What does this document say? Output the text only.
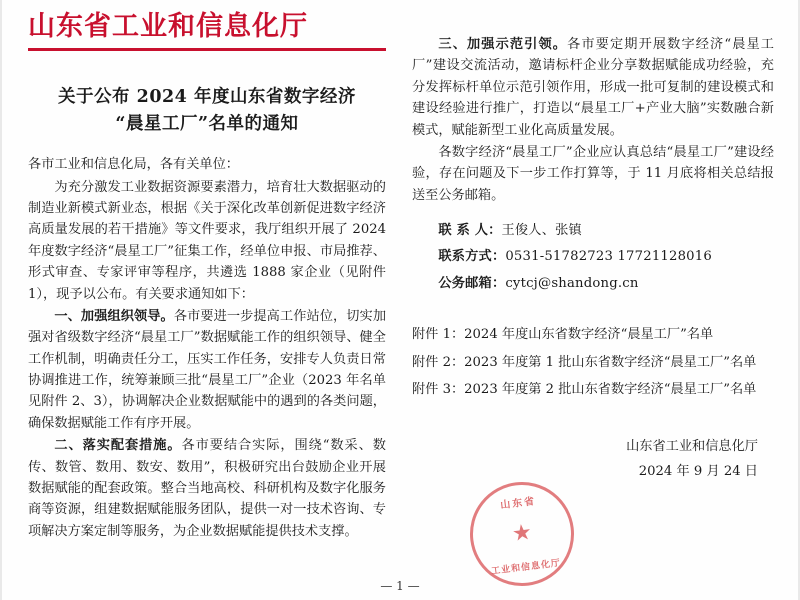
山东省工业和信息化厅
关于公布 2024 年度山东省数字经济
“晨星工厂”名单的通知

各市工业和信息化局，各有关单位：

为充分激发工业数据资源要素潜力，培育壮大数据驱动的制造业新模式新业态，根据《关于深化改革创新促进数字经济高质量发展的若干措施》等文件要求，我厅组织开展了 2024 年度数字经济“晨星工厂”征集工作，经单位申报、市局推荐、形式审查、专家评审等程序，共遴选 1888 家企业（见附件 1），现予以公布。有关要求通知如下：

一、加强组织领导。各市要进一步提高工作站位，切实加强对省级数字经济“晨星工厂”数据赋能工作的组织领导、健全工作机制，明确责任分工，压实工作任务，安排专人负责日常协调推进工作，统筹兼顾三批“晨星工厂”企业（2023 年名单见附件 2、3），协调解决企业数据赋能中的遇到的各类问题，确保数据赋能工作有序开展。

二、落实配套措施。各市要结合实际，围绕“数采、数传、数管、数用、数安、数用”，积极研究出台鼓励企业开展数据赋能的配套政策。整合当地高校、科研机构及数字化服务商等资源，组建数据赋能服务团队，提供一对一技术咨询、专项解决方案定制等服务，为企业数据赋能提供技术支撑。

三、加强示范引领。各市要定期开展数字经济“晨星工厂”建设交流活动，邀请标杆企业分享数据赋能成功经验，充分发挥标杆单位示范引领作用，形成一批可复制的建设模式和建设经验进行推广，打造以“晨星工厂+产业大脑”实数融合新模式，赋能新型工业化高质量发展。

各数字经济“晨星工厂”企业应认真总结“晨星工厂”建设经验，存在问题及下一步工作打算等，于 11 月底将相关总结报送至公务邮箱。

联 系 人：王俊人、张镇
联系方式：0531-51782723 17721128016
公务邮箱：cytcj@shandong.cn
附件 1：2024 年度山东省数字经济“晨星工厂”名单
附件 2：2023 年度第 1 批山东省数字经济“晨星工厂”名单
附件 3：2023 年度第 2 批山东省数字经济“晨星工厂”名单
山东省工业和信息化厅
2024 年 9 月 24 日
山东省
★
工业和信息化厅
— 1 —
